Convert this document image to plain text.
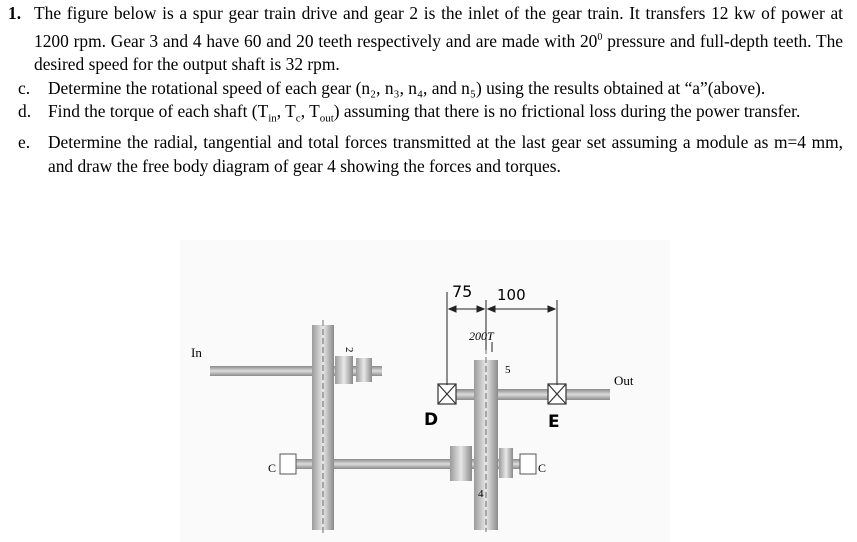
1. The figure below is a spur gear train drive and gear 2 is the inlet of the gear train. It transfers 12 kw of power at 1200 rpm. Gear 3 and 4 have 60 and 20 teeth respectively and are made with $20^0$ pressure and full-depth teeth. The desired speed for the output shaft is 32 rpm.
c.	Determine the rotational speed of each gear (n₂, n₃, n₄, and n₅) using the results obtained at “a”(above).
d. Find the torque of each shaft ($T_{in}$, $T_c$, $T_{out}$) assuming that there is no frictional loss during the power transfer.
e.	Determine the radial, tangential and total forces transmitted at the last gear set assuming a module as m=4 mm, and draw the free body diagram of gear 4 showing the forces and torques.
In
Out
2
5
4
C	C
D	E
75 100
200T
